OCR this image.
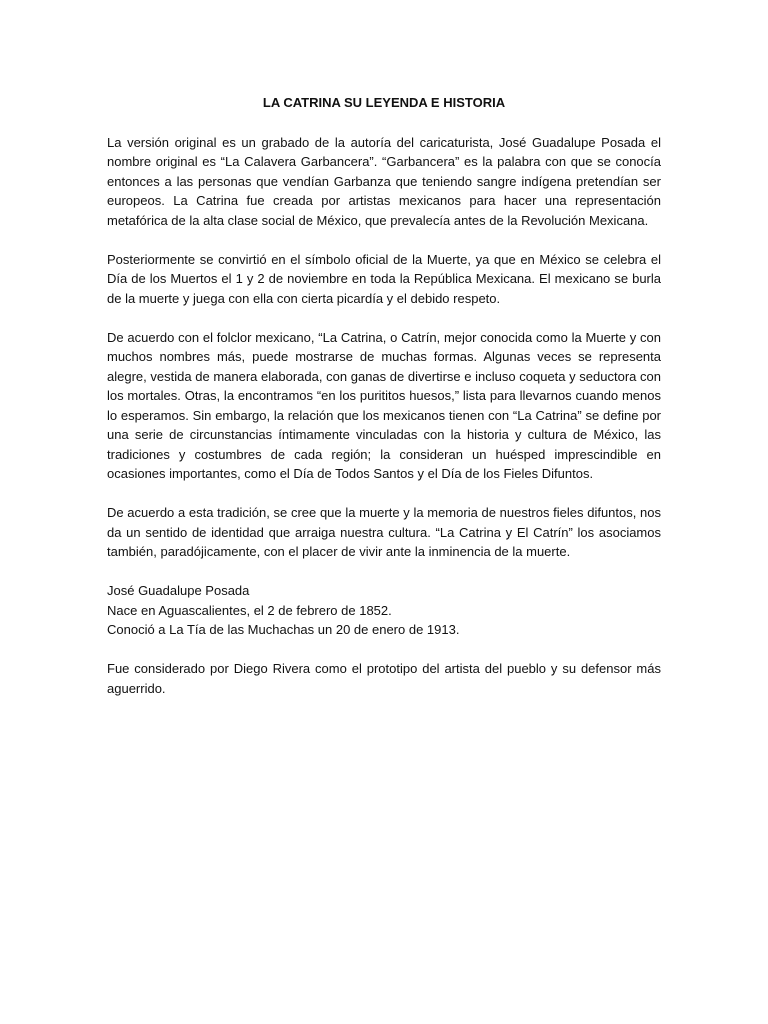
LA CATRINA SU LEYENDA E HISTORIA

La versión original es un grabado de la autoría del caricaturista, José Guadalupe Posada el nombre original es “La Calavera Garbancera”. “Garbancera” es la palabra con que se conocía entonces a las personas que vendían Garbanza que teniendo sangre indígena pretendían ser europeos. La Catrina fue creada por artistas mexicanos para hacer una representación metafórica de la alta clase social de México, que prevalecía antes de la Revolución Mexicana.

Posteriormente se convirtió en el símbolo oficial de la Muerte, ya que en México se celebra el Día de los Muertos el 1 y 2 de noviembre en toda la República Mexicana. El mexicano se burla de la muerte y juega con ella con cierta picardía y el debido respeto.

De acuerdo con el folclor mexicano, “La Catrina, o Catrín, mejor conocida como la Muerte y con muchos nombres más, puede mostrarse de muchas formas. Algunas veces se representa alegre, vestida de manera elaborada, con ganas de divertirse e incluso coqueta y seductora con los mortales. Otras, la encontramos “en los purititos huesos,” lista para llevarnos cuando menos lo esperamos. Sin embargo, la relación que los mexicanos tienen con “La Catrina” se define por una serie de circunstancias íntimamente vinculadas con la historia y cultura de México, las tradiciones y costumbres de cada región; la consideran un huésped imprescindible en ocasiones importantes, como el Día de Todos Santos y el Día de los Fieles Difuntos.

De acuerdo a esta tradición, se cree que la muerte y la memoria de nuestros fieles difuntos, nos da un sentido de identidad que arraiga nuestra cultura. “La Catrina y El Catrín” los asociamos también, paradójicamente, con el placer de vivir ante la inminencia de la muerte.

José Guadalupe Posada
Nace en Aguascalientes, el 2 de febrero de 1852.
Conoció a La Tía de las Muchachas un 20 de enero de 1913.

Fue considerado por Diego Rivera como el prototipo del artista del pueblo y su defensor más aguerrido.
